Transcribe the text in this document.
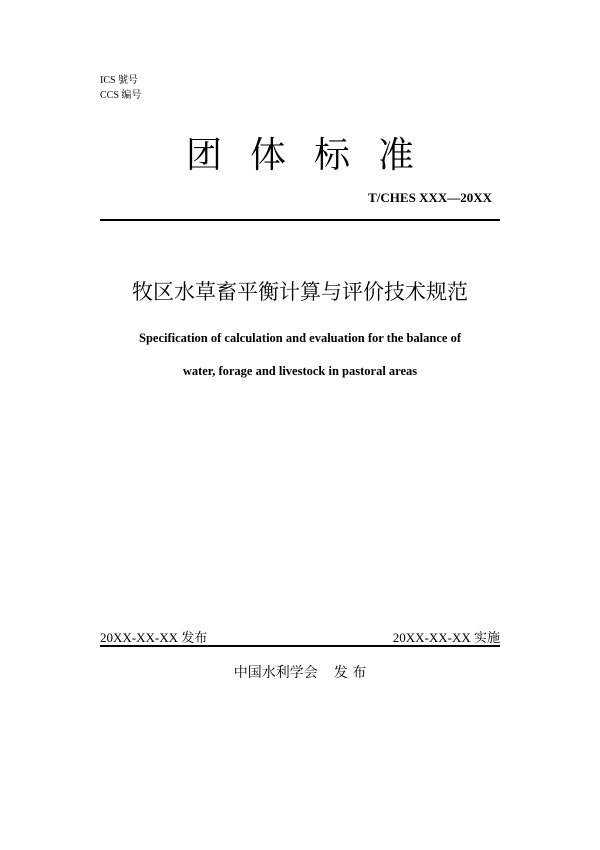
ICS 號号
CCS 编号
团体标准
T/CHES XXX—20XX
牧区水草畜平衡计算与评价技术规范
Specification of calculation and evaluation for the balance of
water, forage and livestock in pastoral areas
20XX-XX-XX 发布	20XX-XX-XX 实施
中国水利学会 发 布
